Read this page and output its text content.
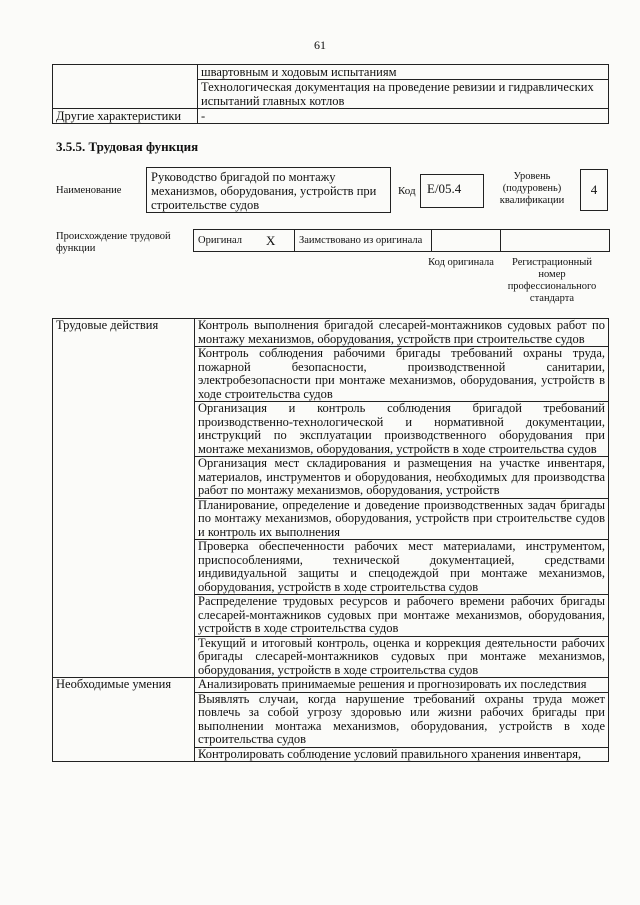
61
	швартовным и ходовым испытаниям
	Технологическая документация на проведение ревизии и гидравлических испытаний главных котлов
Другие характеристики	-
3.5.5. Трудовая функция
Наименование
Руководство бригадой по монтажу механизмов, оборудования, устройств при строительстве судов
Код E/05.4
Уровень (подуровень) квалификации
4
Происхождение трудовой функции
Оригинал	X	Заимствовано из оригинала		
Код оригинала	Регистрационный номер профессионального стандарта
Трудовые действия	Контроль выполнения бригадой слесарей-монтажников судовых работ по монтажу механизмов, оборудования, устройств при строительстве судов
	Контроль соблюдения рабочими бригады требований охраны труда, пожарной безопасности, производственной санитарии, электробезопасности при монтаже механизмов, оборудования, устройств в ходе строительства судов
	Организация и контроль соблюдения бригадой требований производственно-технологической и нормативной документации, инструкций по эксплуатации производственного оборудования при монтаже механизмов, оборудования, устройств в ходе строительства судов
	Организация мест складирования и размещения на участке инвентаря, материалов, инструментов и оборудования, необходимых для производства работ по монтажу механизмов, оборудования, устройств
	Планирование, определение и доведение производственных задач бригады по монтажу механизмов, оборудования, устройств при строительстве судов и контроль их выполнения
	Проверка обеспеченности рабочих мест материалами, инструментом, приспособлениями, технической документацией, средствами индивидуальной защиты и спецодеждой при монтаже механизмов, оборудования, устройств в ходе строительства судов
	Распределение трудовых ресурсов и рабочего времени рабочих бригады слесарей-монтажников судовых при монтаже механизмов, оборудования, устройств в ходе строительства судов
	Текущий и итоговый контроль, оценка и коррекция деятельности рабочих бригады слесарей-монтажников судовых при монтаже механизмов, оборудования, устройств в ходе строительства судов
Необходимые умения	Анализировать принимаемые решения и прогнозировать их последствия
	Выявлять случаи, когда нарушение требований охраны труда может повлечь за собой угрозу здоровью или жизни рабочих бригады при выполнении монтажа механизмов, оборудования, устройств в ходе строительства судов
	Контролировать соблюдение условий правильного хранения инвентаря,
